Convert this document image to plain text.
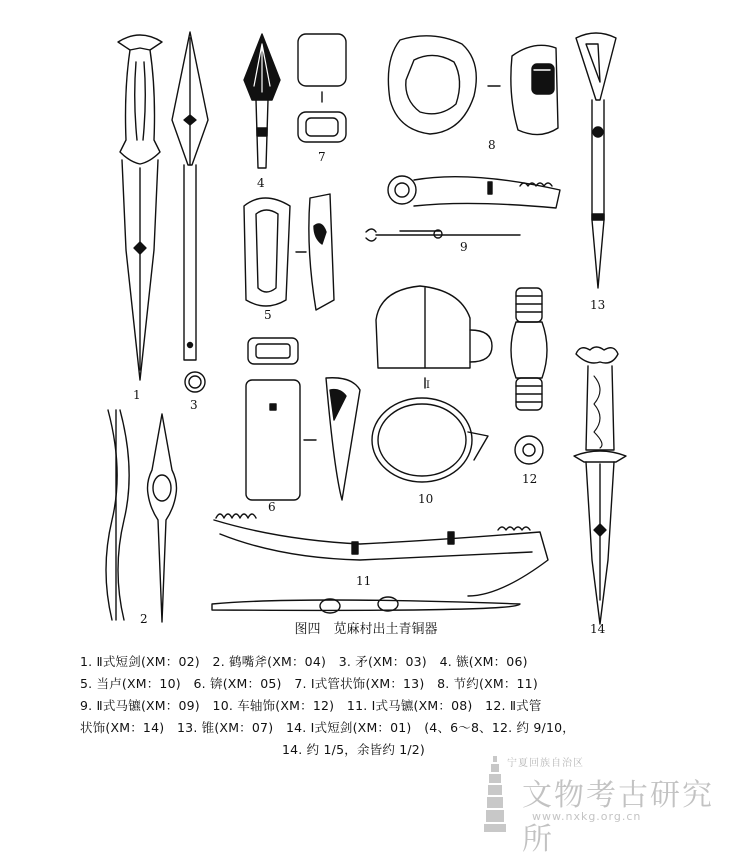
1
2
3
4
5
6
7
8
9
10
11
12
13
14
Ⅰ
图四　苋麻村出土青铜器
1. Ⅱ式短剑(XM：02)　2. 鹤嘴斧(XM：04)　3. 矛(XM：03)　4. 镞(XM：06)
5. 当卢(XM：10)　6. 锛(XM：05)　7. Ⅰ式管状饰(XM：13)　8. 节约(XM：11)
9. Ⅱ式马镳(XM：09)　10. 车轴饰(XM：12)　11. Ⅰ式马镳(XM：08)　12. Ⅱ式管
状饰(XM：14)　13. 锥(XM：07)　14. Ⅰ式短剑(XM：01)　(4、6～8、12. 约 9/10，
14. 约 1/5，余皆约 1/2)
宁夏回族自治区
文物考古研究所
www.nxkg.org.cn
